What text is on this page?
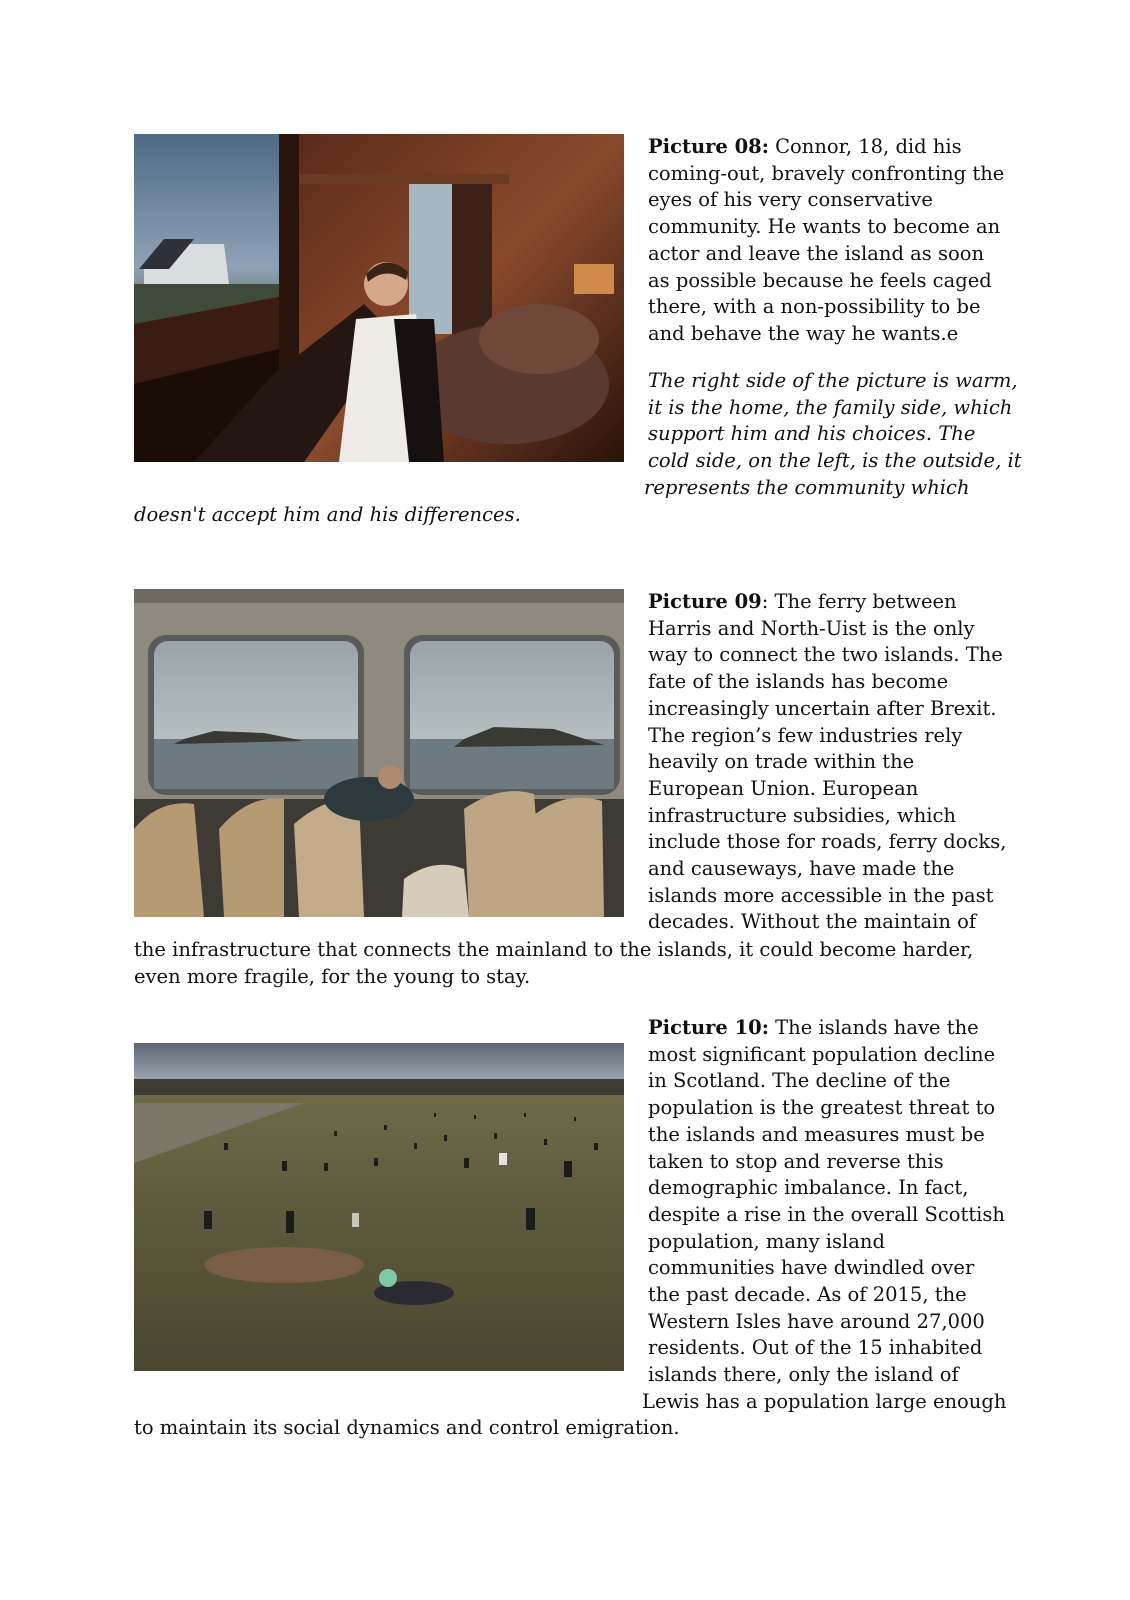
Picture 08: Connor, 18, did his
coming-out, bravely confronting the
eyes of his very conservative
community. He wants to become an
actor and leave the island as soon
as possible because he feels caged
there, with a non-possibility to be
and behave the way he wants.e
The right side of the picture is warm,
it is the home, the family side, which
support him and his choices. The
cold side, on the left, is the outside, it
represents the community which
doesn't accept him and his differences.
Picture 09: The ferry between
Harris and North-Uist is the only
way to connect the two islands. The
fate of the islands has become
increasingly uncertain after Brexit.
The region’s few industries rely
heavily on trade within the
European Union. European
infrastructure subsidies, which
include those for roads, ferry docks,
and causeways, have made the
islands more accessible in the past
decades. Without the maintain of
the infrastructure that connects the mainland to the islands, it could become harder,
even more fragile, for the young to stay.
Picture 10: The islands have the
most significant population decline
in Scotland. The decline of the
population is the greatest threat to
the islands and measures must be
taken to stop and reverse this
demographic imbalance. In fact,
despite a rise in the overall Scottish
population, many island
communities have dwindled over
the past decade. As of 2015, the
Western Isles have around 27,000
residents. Out of the 15 inhabited
islands there, only the island of
Lewis has a population large enough
to maintain its social dynamics and control emigration.
